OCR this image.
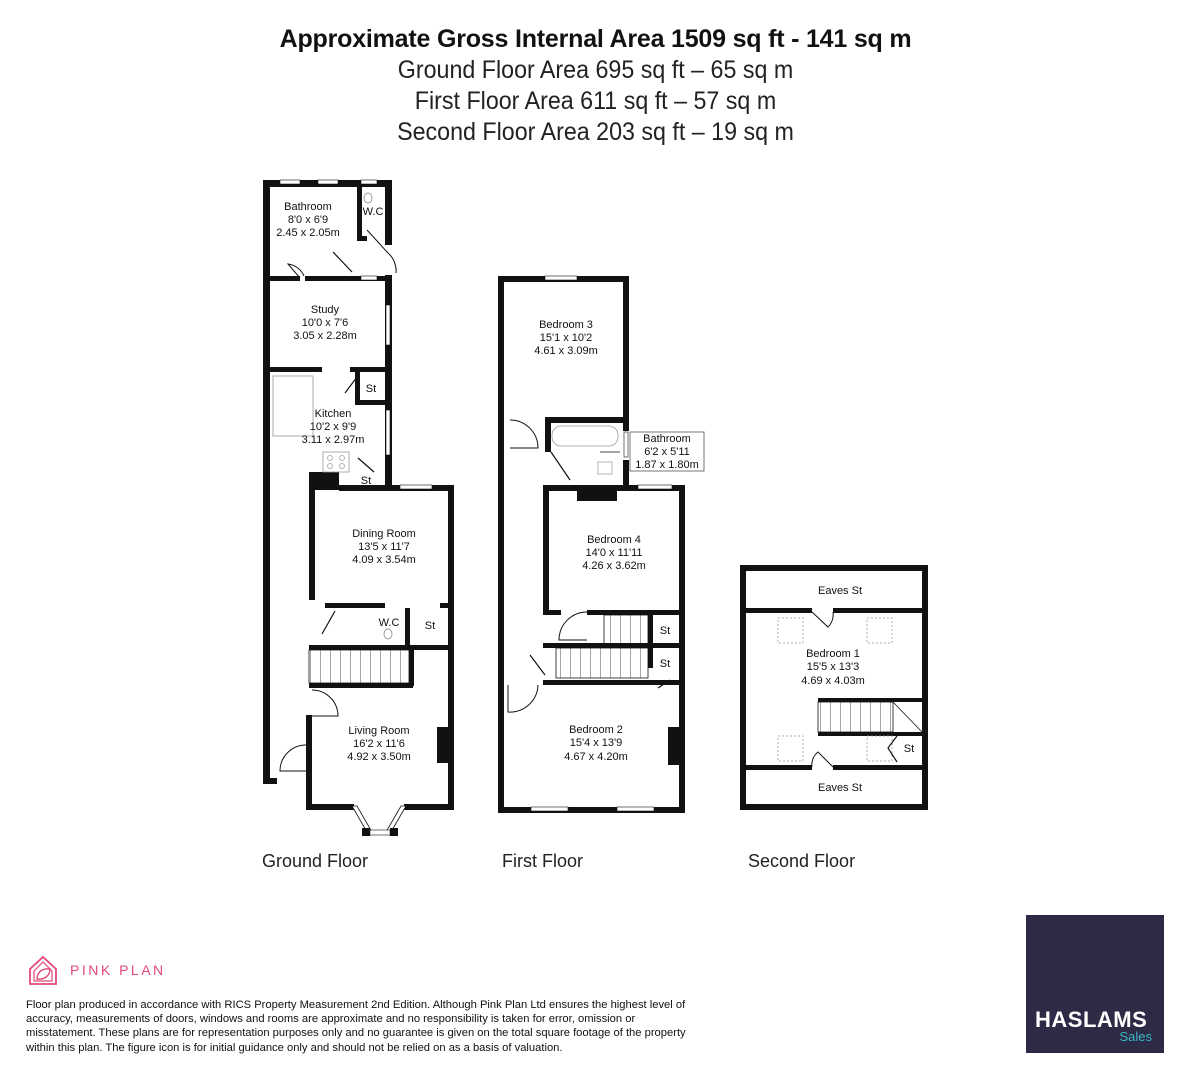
Approximate Gross Internal Area 1509 sq ft - 141 sq m
Ground Floor Area 695 sq ft – 65 sq m
First Floor Area 611 sq ft – 57 sq m
Second Floor Area 203 sq ft – 19 sq m
Bathroom
8'0 x 6'9
2.45 x 2.05m
W.C
Study
10'0 x 7'6
3.05 x 2.28m
St
Kitchen
10'2 x 9'9
3.11 x 2.97m
St
Dining Room
13'5 x 11'7
4.09 x 3.54m
W.C St
Living Room
16'2 x 11'6
4.92 x 3.50m
Bedroom 3
15'1 x 10'2
4.61 x 3.09m
Bathroom
6'2 x 5'11
1.87 x 1.80m
Bedroom 4
14'0 x 11'11
4.26 x 3.62m
St
St
Bedroom 2
15'4 x 13'9
4.67 x 4.20m
Eaves St
Bedroom 1
15'5 x 13'3
4.69 x 4.03m
St
Eaves St
Ground Floor	First Floor	Second Floor
PINK PLAN
Floor plan produced in accordance with RICS Property Measurement 2nd Edition. Although Pink Plan Ltd ensures the highest level of accuracy, measurements of doors, windows and rooms are approximate and no responsibility is taken for error, omission or misstatement. These plans are for representation purposes only and no guarantee is given on the total square footage of the property within this plan. The figure icon is for initial guidance only and should not be relied on as a basis of valuation.
HASLAMS
Sales
